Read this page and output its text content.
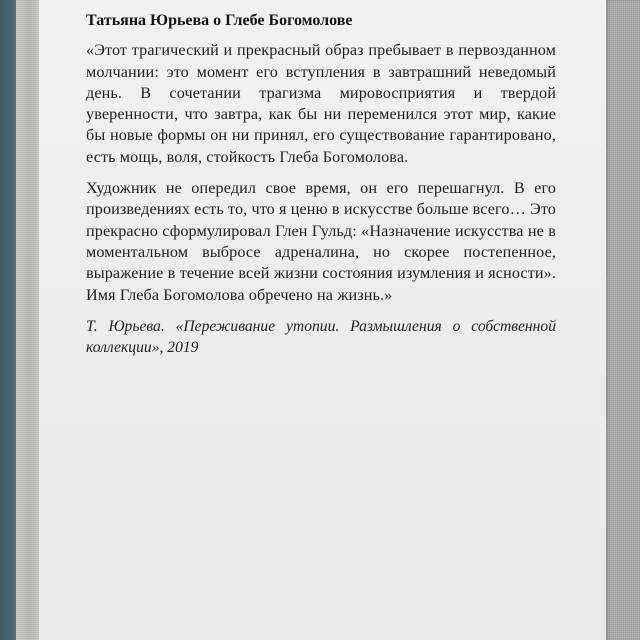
Татьяна Юрьева о Глебе Богомолове

«Этот трагический и прекрасный образ пребывает в первозданном молчании: это момент его вступления в завтрашний неведомый день. В сочетании трагизма мировосприятия и твердой уверенности, что завтра, как бы ни переменился этот мир, какие бы новые формы он ни принял, его существование гарантировано, есть мощь, воля, стойкость Глеба Богомолова.

Художник не опередил свое время, он его перешагнул. В его произведениях есть то, что я ценю в искусстве больше всего… Это прекрасно сформулировал Глен Гульд: «Назначение искусства не в моментальном выбросе адреналина, но скорее постепенное, выражение в течение всей жизни состояния изумления и ясности». Имя Глеба Богомолова обречено на жизнь.»

Т. Юрьева. «Переживание утопии. Размышления о собственной коллекции», 2019
